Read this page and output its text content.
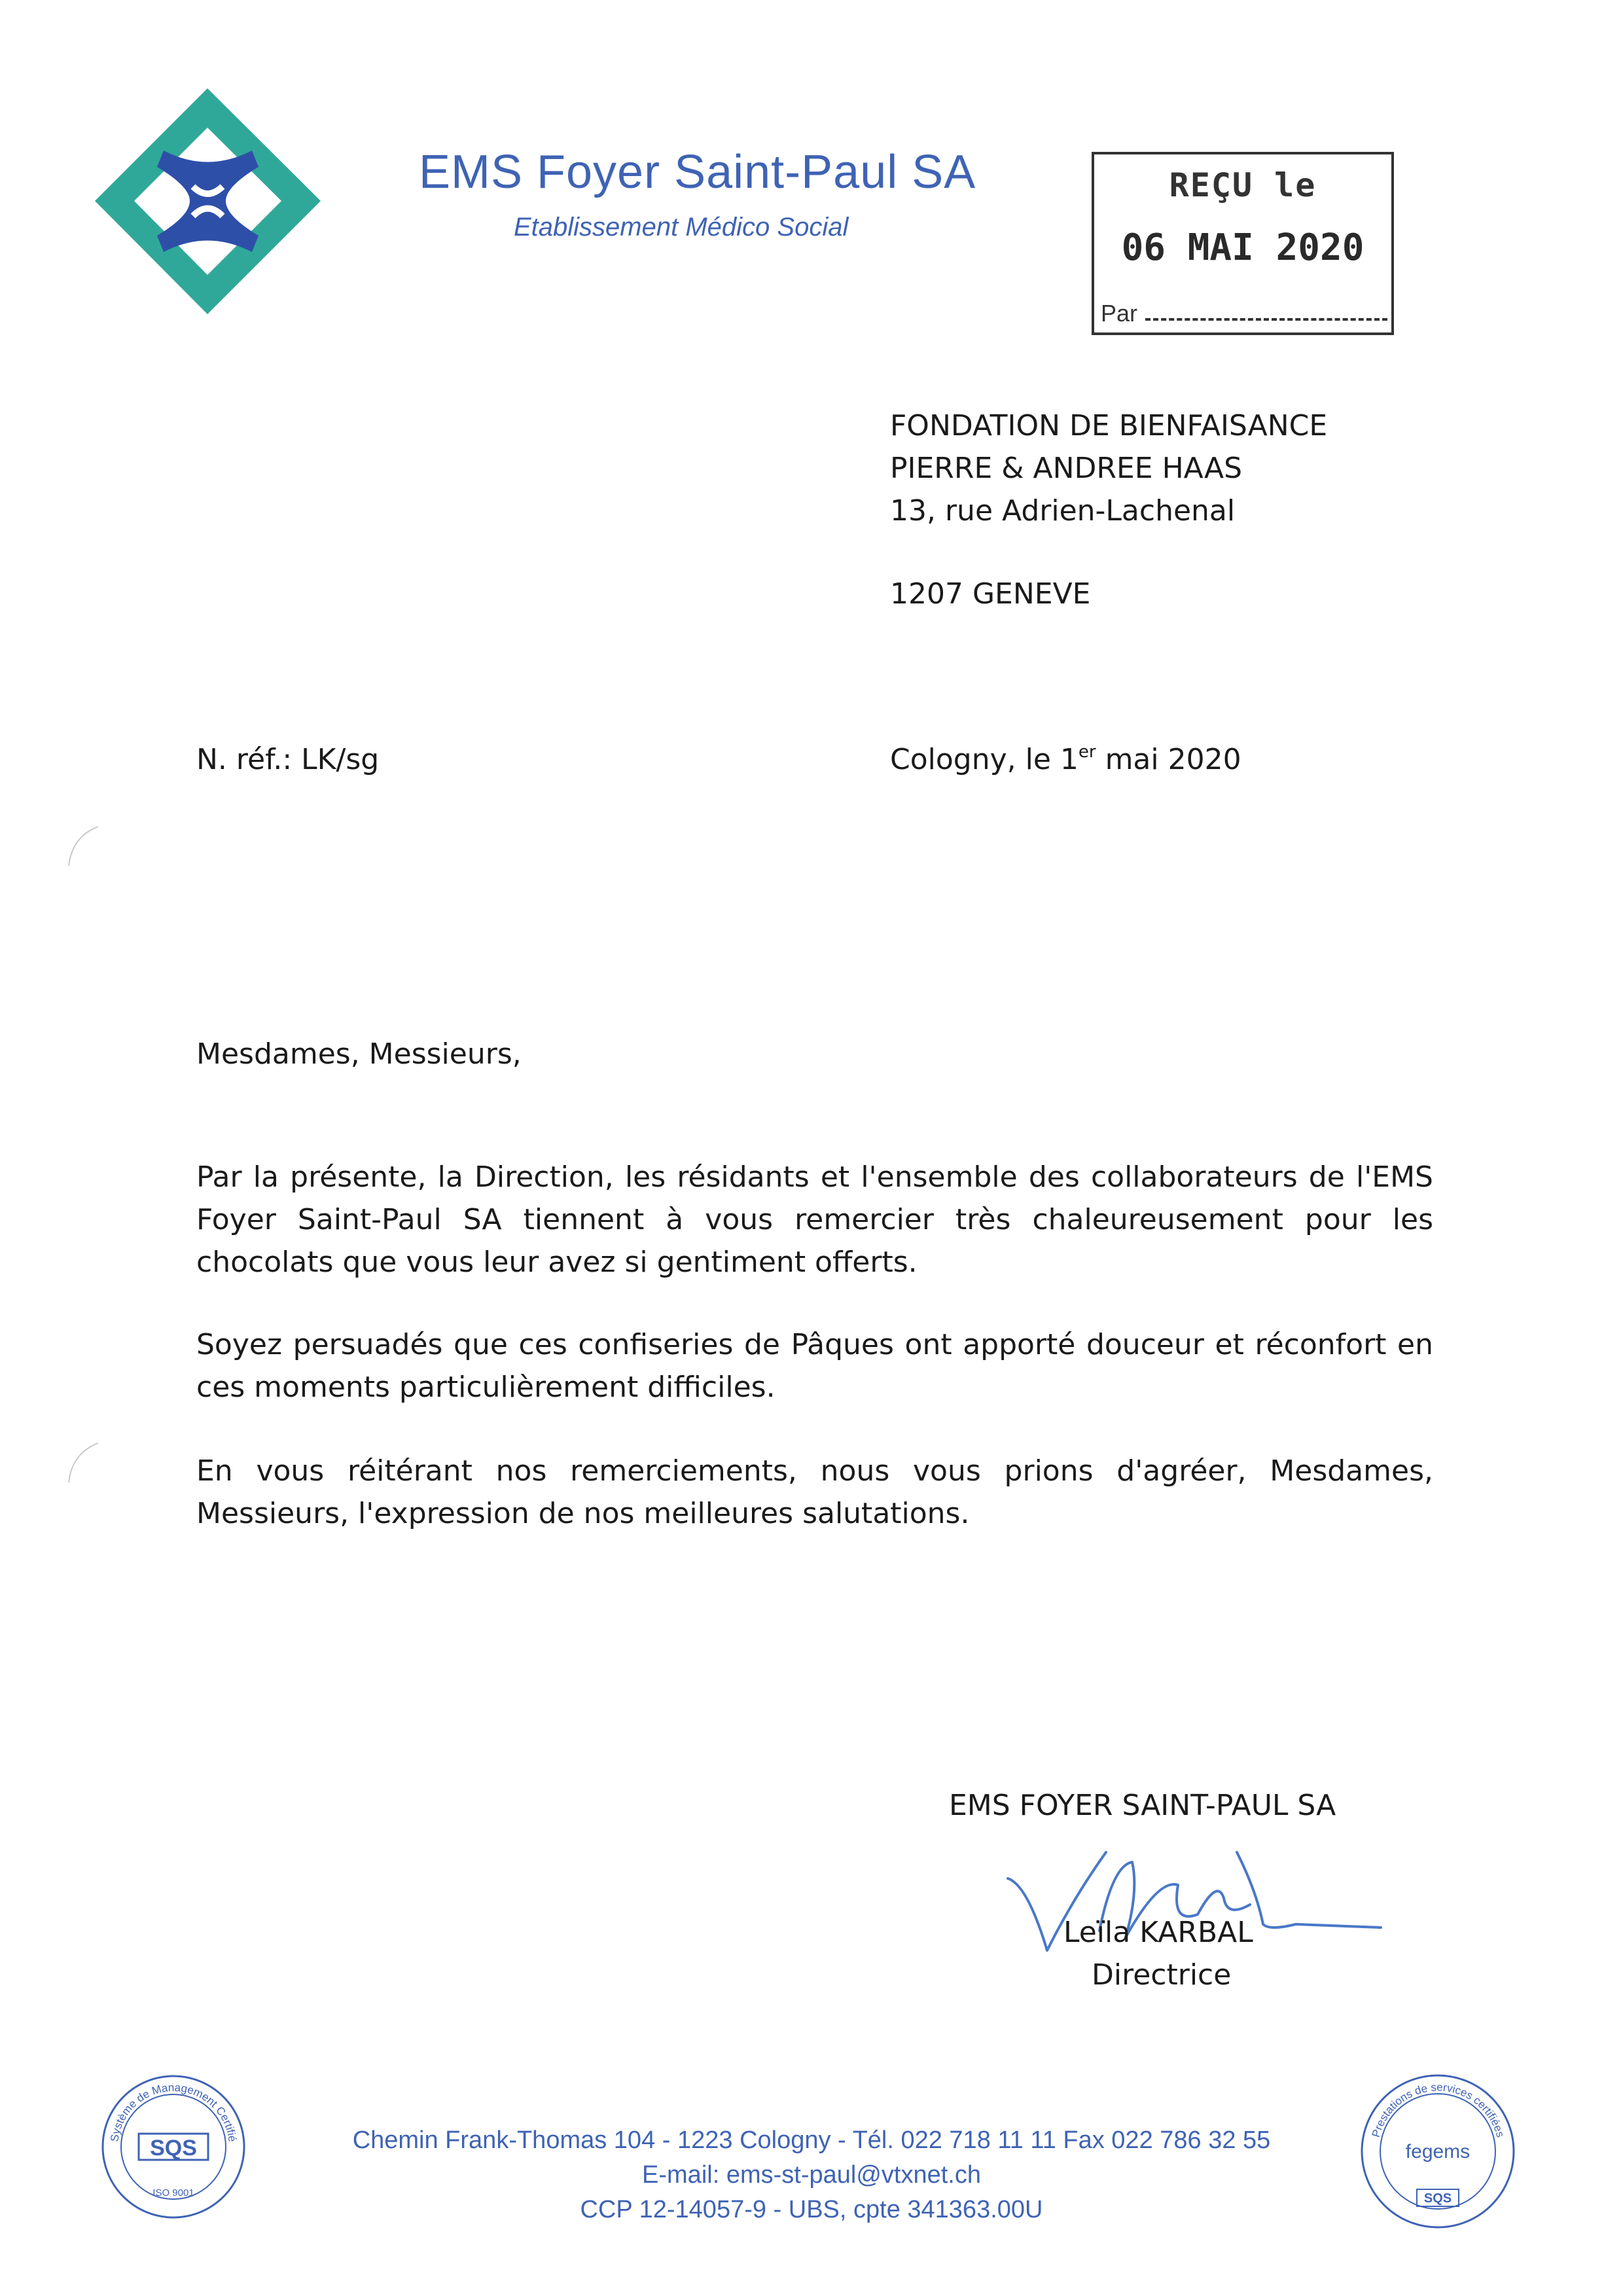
EMS Foyer Saint-Paul SA
Etablissement Médico Social
REÇU le
06 MAI 2020
Par
FONDATION DE BIENFAISANCE
PIERRE & ANDREE HAAS
13, rue Adrien-Lachenal
1207 GENEVE
N. réf.: LK/sg	Cologny, le 1er mai 2020
Mesdames, Messieurs,
Par la présente, la Direction, les résidants et l'ensemble des collaborateurs de l'EMS Foyer Saint-Paul SA tiennent à vous remercier très chaleureusement pour les chocolats que vous leur avez si gentiment offerts.
Soyez persuadés que ces confiseries de Pâques ont apporté douceur et réconfort en ces moments particulièrement difficiles.
En vous réitérant nos remerciements, nous vous prions d'agréer, Mesdames, Messieurs, l'expression de nos meilleures salutations.
EMS FOYER SAINT-PAUL SA
Leïla KARBAL
Directrice
Chemin Frank-Thomas 104 - 1223 Cologny - Tél. 022 718 11 11 Fax 022 786 32 55
E-mail: ems-st-paul@vtxnet.ch
CCP 12-14057-9 - UBS, cpte 341363.00U
Système de Management Certifié
SQS
ISO 9001
Prestations de services certifiées
fegems
SQS
